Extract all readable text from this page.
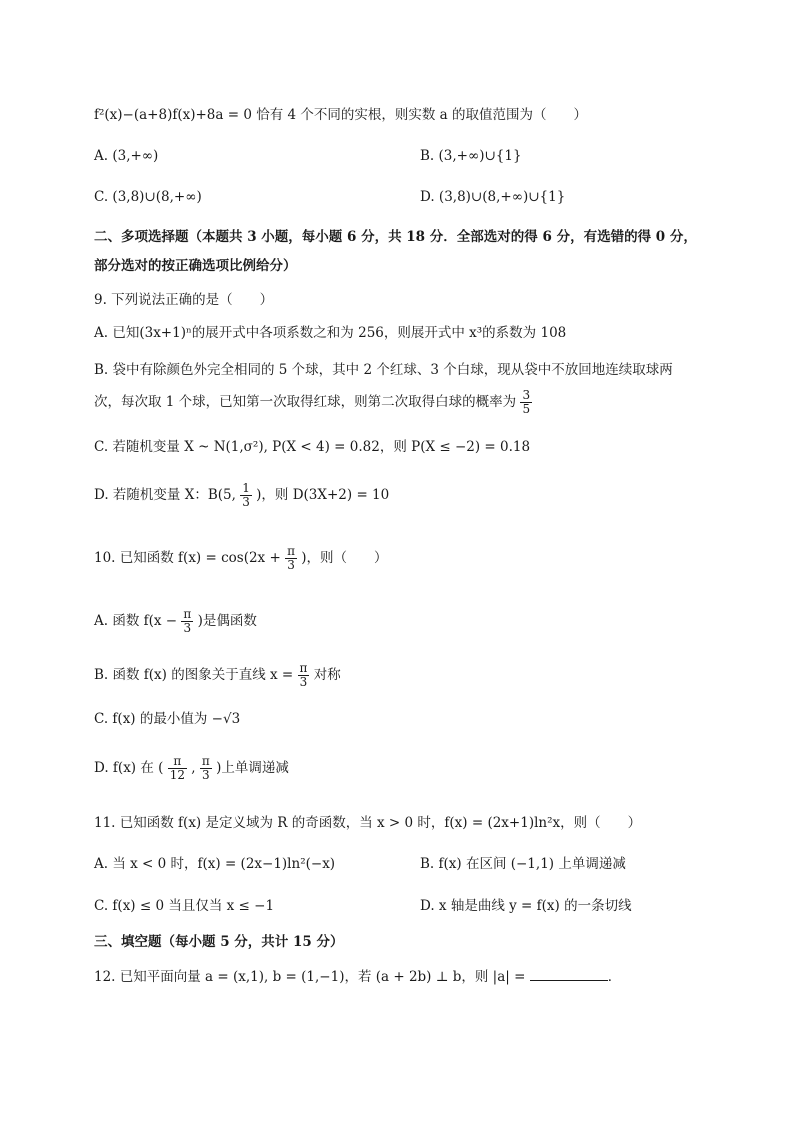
f²(x)−(a+8)f(x)+8a = 0 恰有 4 个不同的实根，则实数 a 的取值范围为（　　）
A. (3,+∞)	B. (3,+∞)∪{1}
C. (3,8)∪(8,+∞)	D. (3,8)∪(8,+∞)∪{1}
二、多项选择题（本题共 3 小题，每小题 6 分，共 18 分．全部选对的得 6 分，有选错的得 0 分，
部分选对的按正确选项比例给分）
9. 下列说法正确的是（　　）
A. 已知(3x+1)ⁿ的展开式中各项系数之和为 256，则展开式中 x³的系数为 108
B. 袋中有除颜色外完全相同的 5 个球，其中 2 个红球、3 个白球，现从袋中不放回地连续取球两
次，每次取 1 个球，已知第一次取得红球，则第二次取得白球的概率为 $\frac{3}{5}$
C. 若随机变量 X ~ N(1,σ²), P(X < 4) = 0.82，则 P(X ≤ −2) = 0.18
D. 若随机变量 X：B(5, $\frac{1}{3}$ )，则 D(3X+2) = 10
10. 已知函数 $f(x) = \cos(2x + \frac{\pi}{3}$ )，则（　　）
A. 函数 $f(x - \frac{\pi}{3}$ )是偶函数
B. 函数 f(x) 的图象关于直线 $x = \frac{\pi}{3}$ 对称
C. f(x) 的最小值为 −√3
D. f(x) 在 ( $\frac{\pi}{12}$ , $\frac{\pi}{3}$ )上单调递减
11. 已知函数 f(x) 是定义域为 R 的奇函数，当 x > 0 时，f(x) = (2x+1)ln²x，则（　　）
A. 当 x < 0 时，f(x) = (2x−1)ln²(−x)	B. f(x) 在区间 (−1,1) 上单调递减
C. f(x) ≤ 0 当且仅当 x ≤ −1	D. x 轴是曲线 y = f(x) 的一条切线
三、填空题（每小题 5 分，共计 15 分）
12. 已知平面向量 a = (x,1), b = (1,−1)，若 (a + 2b) ⊥ b，则 |a| =	．
